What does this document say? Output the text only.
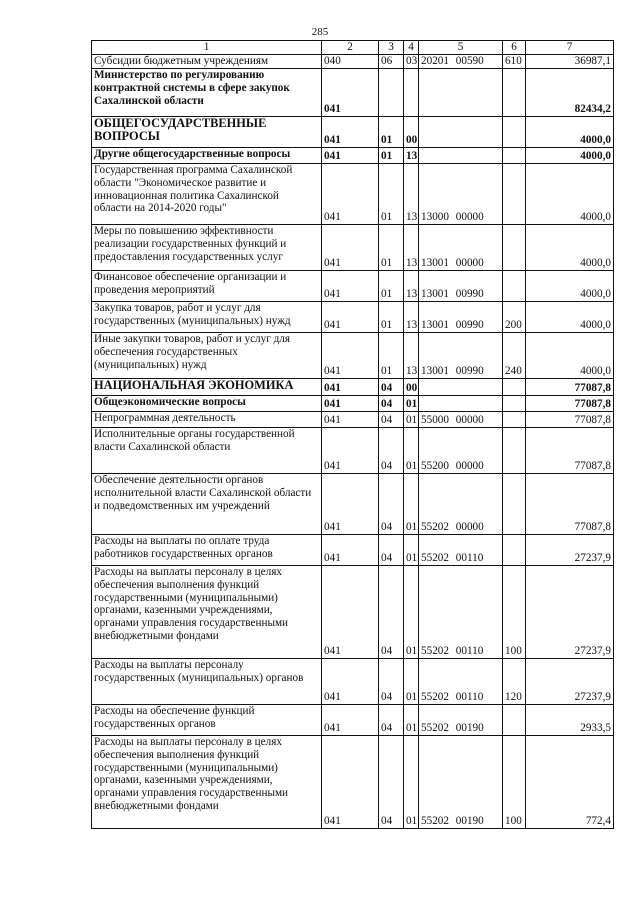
285
1	2	3	4	5	6	7
Субсидии бюджетным учреждениям	040	06	03	20201 00590	610	36987,1
Министерство по регулированию контрактной системы в сфере закупок Сахалинской области	041					82434,2
ОБЩЕГОСУДАРСТВЕННЫЕ ВОПРОСЫ	041	01	00			4000,0
Другие общегосударственные вопросы	041	01	13			4000,0
Государственная программа Сахалинской области "Экономическое развитие и инновационная политика Сахалинской области на 2014-2020 годы"	041	01	13	13000 00000		4000,0
Меры по повышению эффективности реализации государственных функций и предоставления государственных услуг	041	01	13	13001 00000		4000,0
Финансовое обеспечение организации и проведения мероприятий	041	01	13	13001 00990		4000,0
Закупка товаров, работ и услуг для государственных (муниципальных) нужд	041	01	13	13001 00990	200	4000,0
Иные закупки товаров, работ и услуг для обеспечения государственных (муниципальных) нужд	041	01	13	13001 00990	240	4000,0
НАЦИОНАЛЬНАЯ ЭКОНОМИКА	041	04	00			77087,8
Общеэкономические вопросы	041	04	01			77087,8
Непрограммная деятельность	041	04	01	55000 00000		77087,8
Исполнительные органы государственной власти Сахалинской области	041	04	01	55200 00000		77087,8
Обеспечение деятельности органов исполнительной власти Сахалинской области и подведомственных им учреждений	041	04	01	55202 00000		77087,8
Расходы на выплаты по оплате труда работников государственных органов	041	04	01	55202 00110		27237,9
Расходы на выплаты персоналу в целях обеспечения выполнения функций государственными (муниципальными) органами, казенными учреждениями, органами управления государственными внебюджетными фондами	041	04	01	55202 00110	100	27237,9
Расходы на выплаты персоналу государственных (муниципальных) органов	041	04	01	55202 00110	120	27237,9
Расходы на обеспечение функций государственных органов	041	04	01	55202 00190		2933,5
Расходы на выплаты персоналу в целях обеспечения выполнения функций государственными (муниципальными) органами, казенными учреждениями, органами управления государственными внебюджетными фондами	041	04	01	55202 00190	100	772,4
